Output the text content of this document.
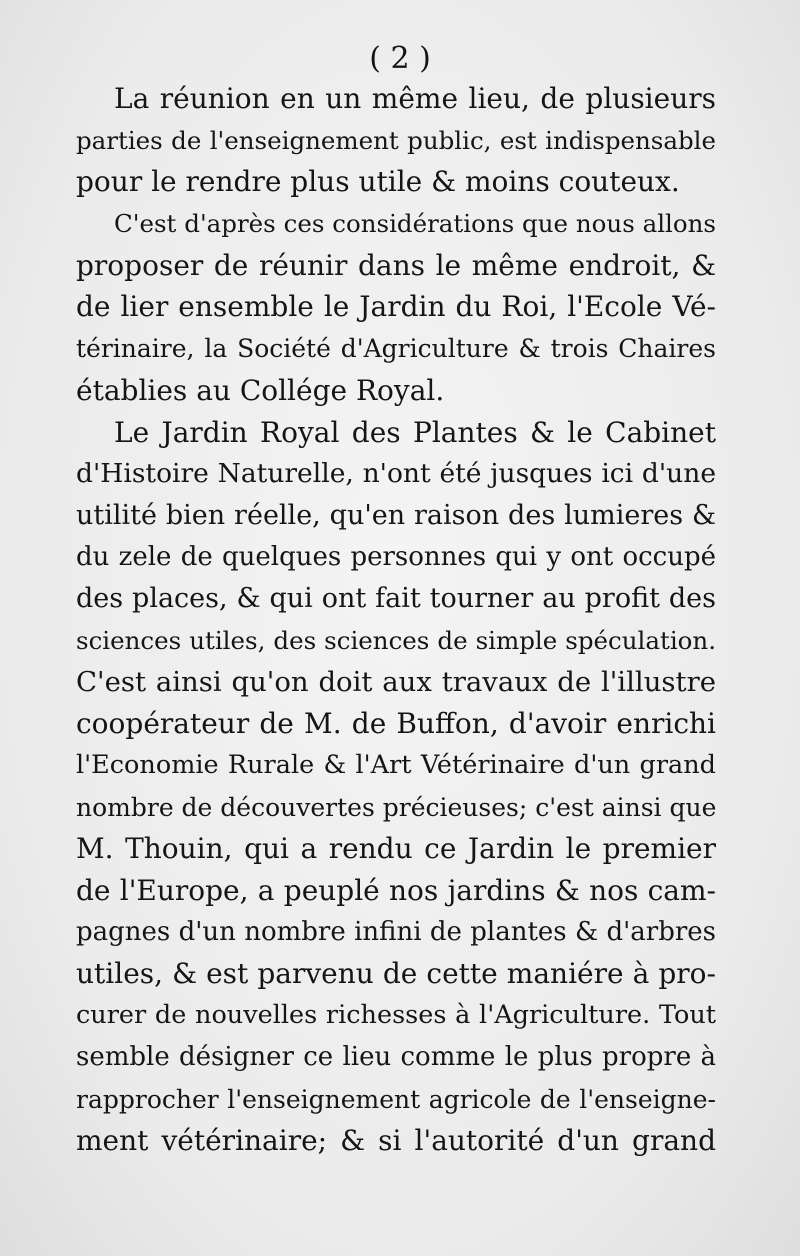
( 2 )
La réunion en un même lieu, de plusieurs
parties de l'enseignement public, est indispensable
pour le rendre plus utile & moins couteux.
C'est d'après ces considérations que nous allons
proposer de réunir dans le même endroit, &
de lier ensemble le Jardin du Roi, l'Ecole Vé-
térinaire, la Société d'Agriculture & trois Chaires
établies au Collége Royal.
Le Jardin Royal des Plantes & le Cabinet
d'Histoire Naturelle, n'ont été jusques ici d'une
utilité bien réelle, qu'en raison des lumieres &
du zele de quelques personnes qui y ont occupé
des places, & qui ont fait tourner au profit des
sciences utiles, des sciences de simple spéculation.
C'est ainsi qu'on doit aux travaux de l'illustre
coopérateur de M. de Buffon, d'avoir enrichi
l'Economie Rurale & l'Art Vétérinaire d'un grand
nombre de découvertes précieuses; c'est ainsi que
M. Thouin, qui a rendu ce Jardin le premier
de l'Europe, a peuplé nos jardins & nos cam-
pagnes d'un nombre infini de plantes & d'arbres
utiles, & est parvenu de cette maniére à pro-
curer de nouvelles richesses à l'Agriculture. Tout
semble désigner ce lieu comme le plus propre à
rapprocher l'enseignement agricole de l'enseigne-
ment vétérinaire; & si l'autorité d'un grand
